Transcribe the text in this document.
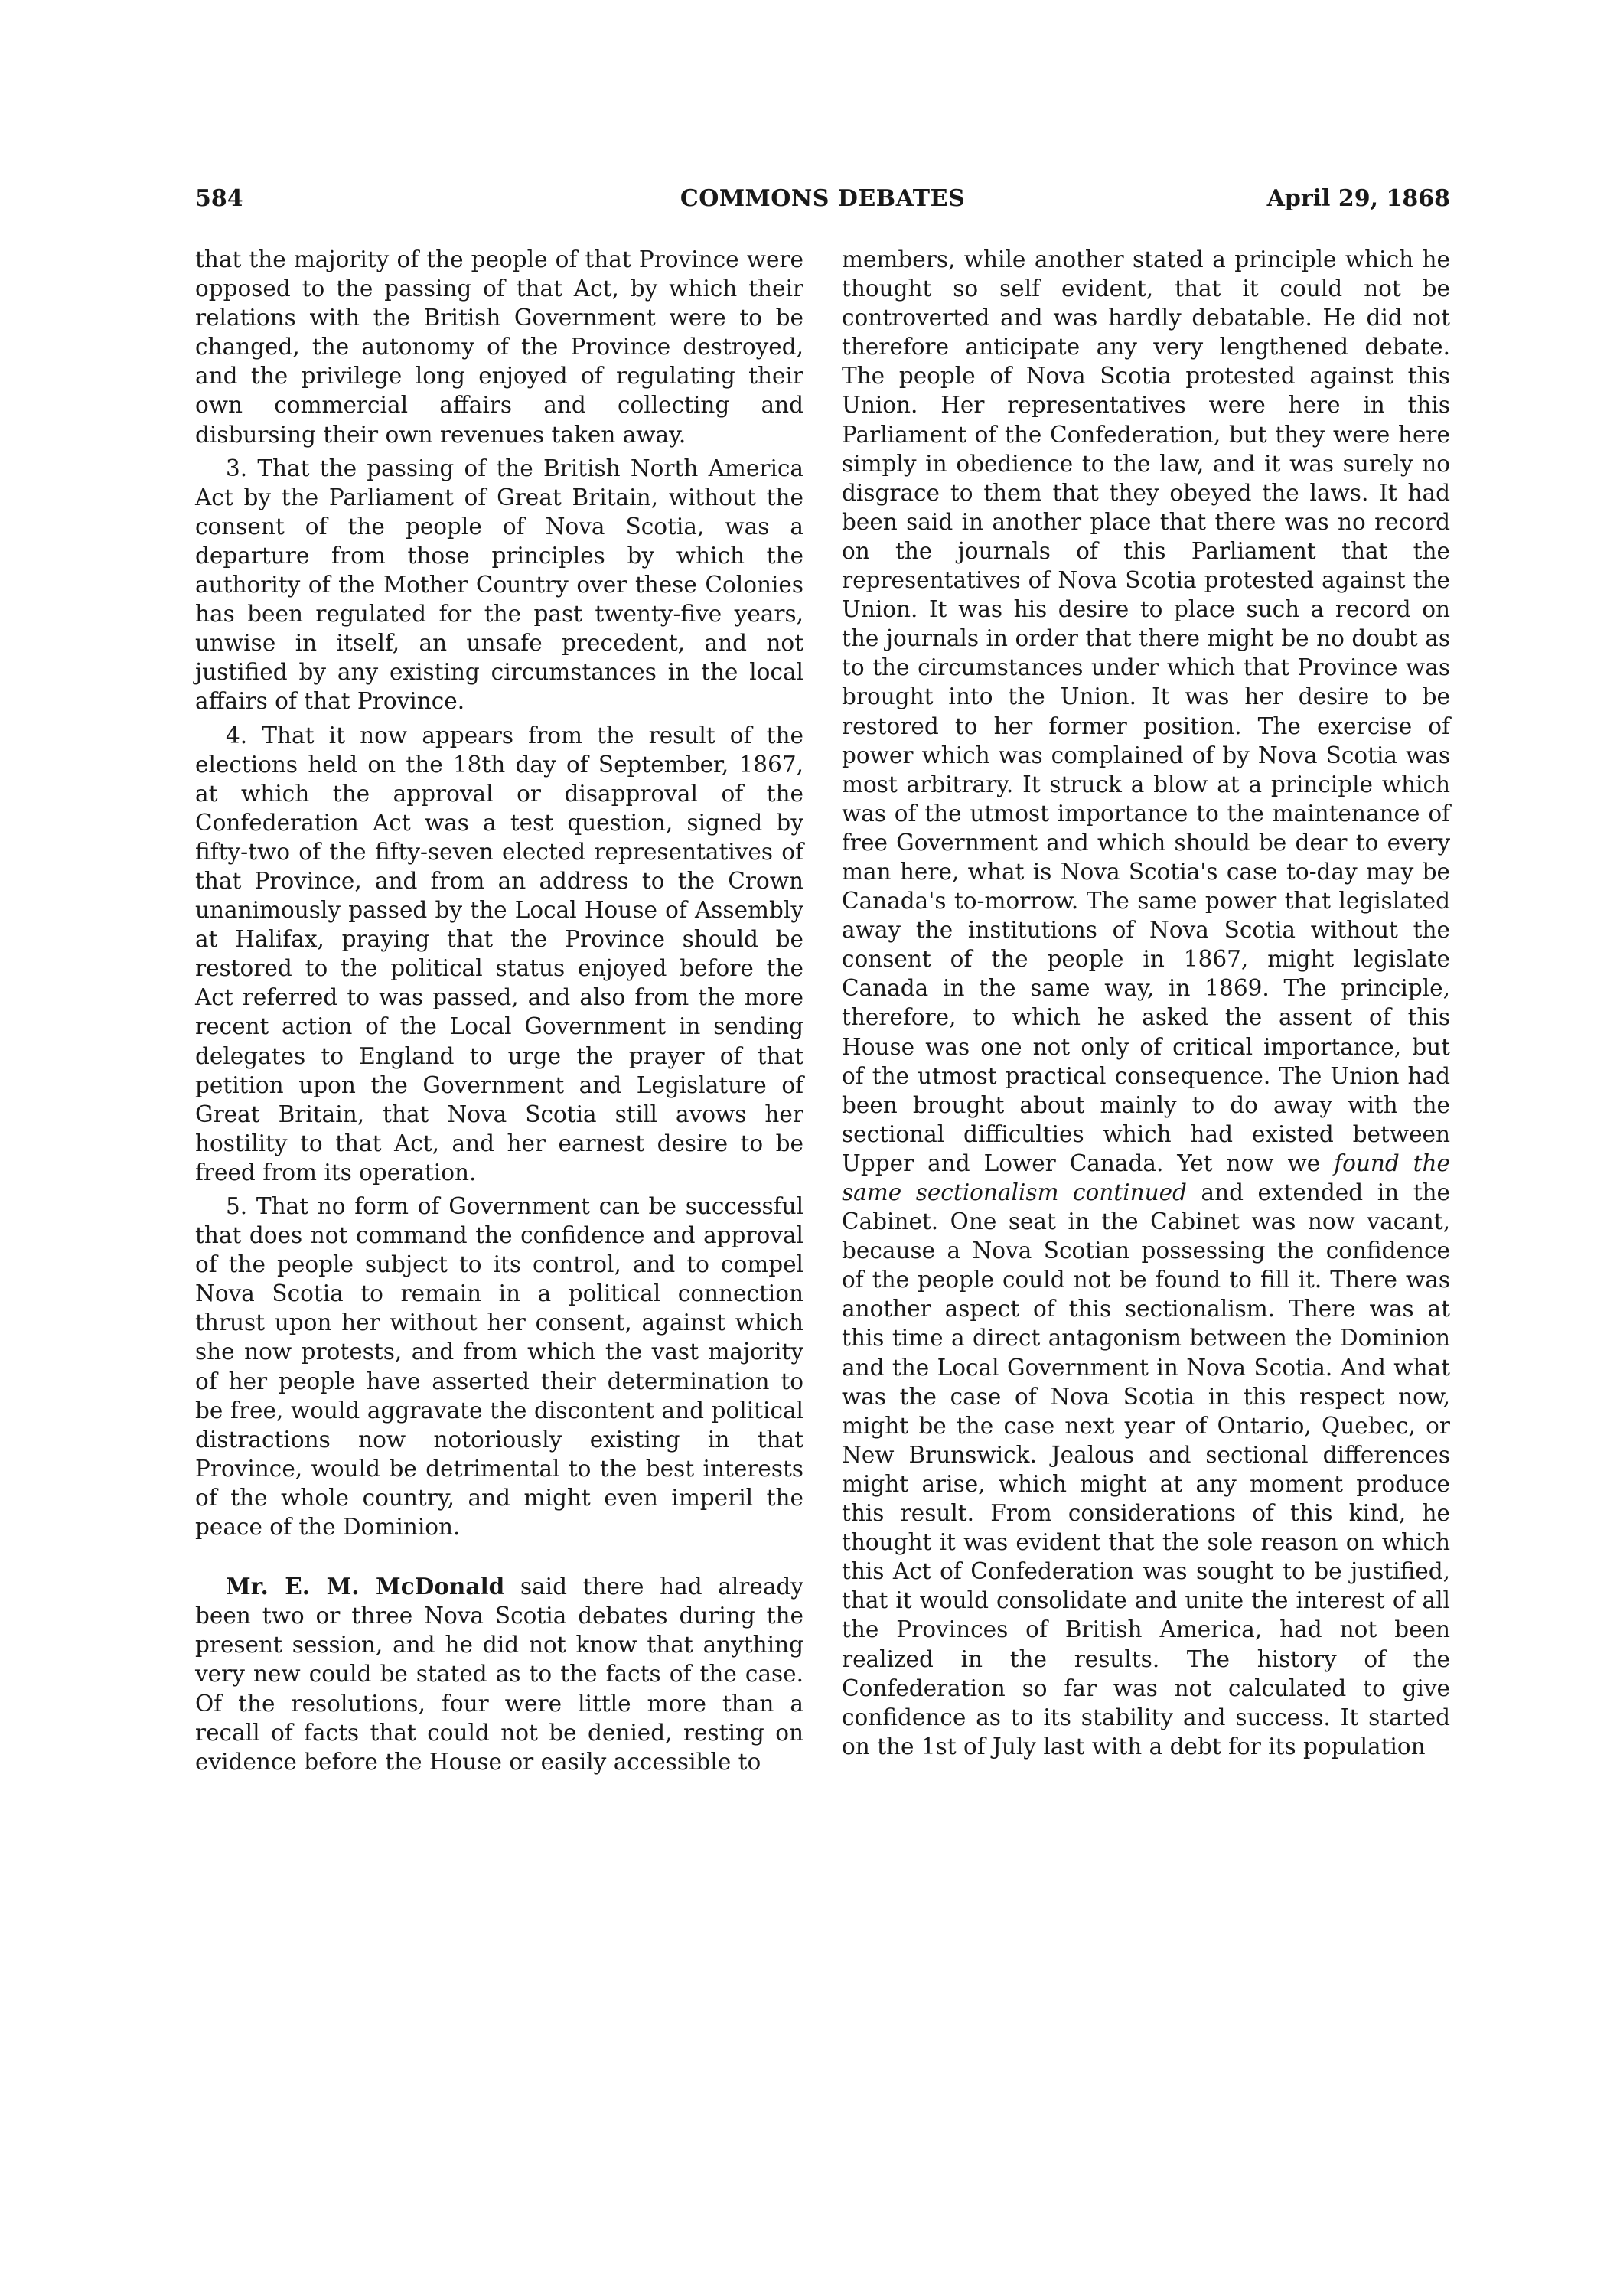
584	COMMONS DEBATES	April 29, 1868

that the majority of the people of that Province were opposed to the passing of that Act, by which their relations with the British Government were to be changed, the autonomy of the Province destroyed, and the privilege long enjoyed of regulating their own commercial affairs and collecting and disbursing their own revenues taken away.

3. That the passing of the British North America Act by the Parliament of Great Britain, without the consent of the people of Nova Scotia, was a departure from those principles by which the authority of the Mother Country over these Colonies has been regulated for the past twenty-five years, unwise in itself, an unsafe precedent, and not justified by any existing circumstances in the local affairs of that Province.

4. That it now appears from the result of the elections held on the 18th day of September, 1867, at which the approval or disapproval of the Confederation Act was a test question, signed by fifty-two of the fifty-seven elected representatives of that Province, and from an address to the Crown unanimously passed by the Local House of Assembly at Halifax, praying that the Province should be restored to the political status enjoyed before the Act referred to was passed, and also from the more recent action of the Local Government in sending delegates to England to urge the prayer of that petition upon the Government and Legislature of Great Britain, that Nova Scotia still avows her hostility to that Act, and her earnest desire to be freed from its operation.

5. That no form of Government can be successful that does not command the confidence and approval of the people subject to its control, and to compel Nova Scotia to remain in a political connection thrust upon her without her consent, against which she now protests, and from which the vast majority of her people have asserted their determination to be free, would aggravate the discontent and political distractions now notoriously existing in that Province, would be detrimental to the best interests of the whole country, and might even imperil the peace of the Dominion.

Mr. E. M. McDonald said there had already been two or three Nova Scotia debates during the present session, and he did not know that anything very new could be stated as to the facts of the case. Of the resolutions, four were little more than a recall of facts that could not be denied, resting on evidence before the House or easily accessible to

members, while another stated a principle which he thought so self evident, that it could not be controverted and was hardly debatable. He did not therefore anticipate any very lengthened debate. The people of Nova Scotia protested against this Union. Her representatives were here in this Parliament of the Confederation, but they were here simply in obedience to the law, and it was surely no disgrace to them that they obeyed the laws. It had been said in another place that there was no record on the journals of this Parliament that the representatives of Nova Scotia protested against the Union. It was his desire to place such a record on the journals in order that there might be no doubt as to the circumstances under which that Province was brought into the Union. It was her desire to be restored to her former position. The exercise of power which was complained of by Nova Scotia was most arbitrary. It struck a blow at a principle which was of the utmost importance to the maintenance of free Government and which should be dear to every man here, what is Nova Scotia's case to-day may be Canada's to-morrow. The same power that legislated away the institutions of Nova Scotia without the consent of the people in 1867, might legislate Canada in the same way, in 1869. The principle, therefore, to which he asked the assent of this House was one not only of critical importance, but of the utmost practical consequence. The Union had been brought about mainly to do away with the sectional difficulties which had existed between Upper and Lower Canada. Yet now we found the same sectionalism continued and extended in the Cabinet. One seat in the Cabinet was now vacant, because a Nova Scotian possessing the confidence of the people could not be found to fill it. There was another aspect of this sectionalism. There was at this time a direct antagonism between the Dominion and the Local Government in Nova Scotia. And what was the case of Nova Scotia in this respect now, might be the case next year of Ontario, Quebec, or New Brunswick. Jealous and sectional differences might arise, which might at any moment produce this result. From considerations of this kind, he thought it was evident that the sole reason on which this Act of Confederation was sought to be justified, that it would consolidate and unite the interest of all the Provinces of British America, had not been realized in the results. The history of the Confederation so far was not calculated to give confidence as to its stability and success. It started on the 1st of July last with a debt for its population
